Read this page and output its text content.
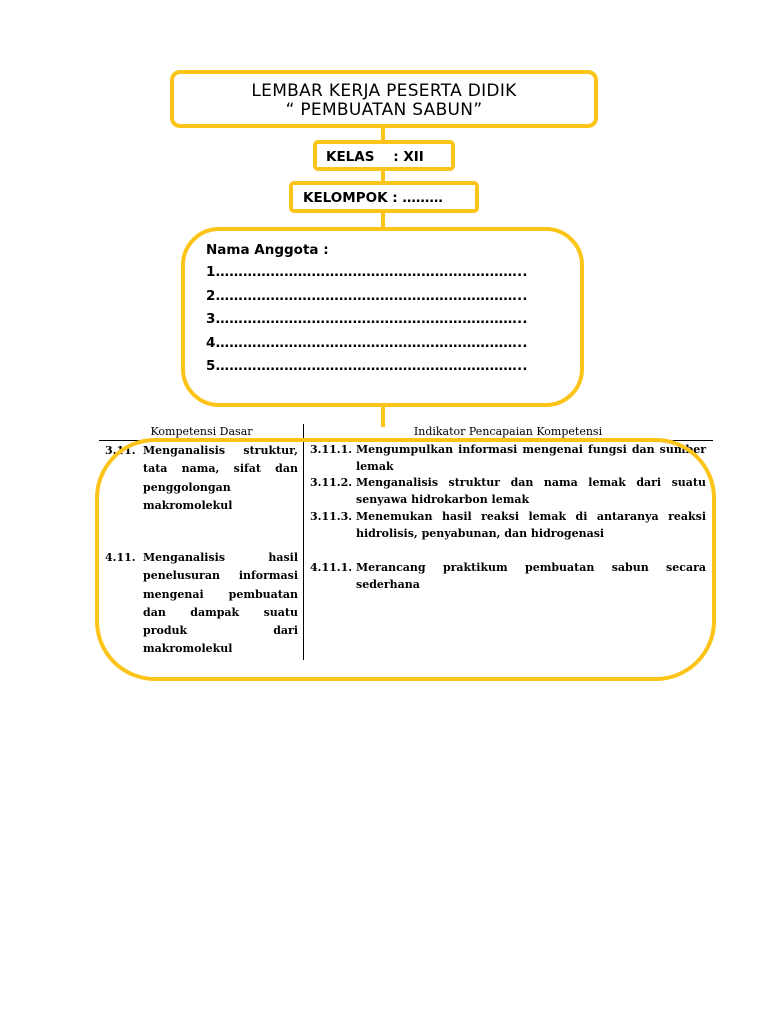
LEMBAR KERJA PESERTA DIDIK
“ PEMBUATAN SABUN”
KELAS    : XII
KELOMPOK : ………
Nama Anggota :
1…………………………………………………………..
2…………………………………………………………..
3…………………………………………………………..
4…………………………………………………………..
5…………………………………………………………..
Kompetensi Dasar	Indikator Pencapaian Kompetensi
3.11. Menganalisis struktur, tata nama, sifat dan penggolongan makromolekul
4.11. Menganalisis hasil penelusuran informasi mengenai pembuatan dan dampak suatu produk dari makromolekul
3.11.1. Mengumpulkan informasi mengenai fungsi dan sumber lemak
3.11.2. Menganalisis struktur dan nama lemak dari suatu senyawa hidrokarbon lemak
3.11.3. Menemukan hasil reaksi lemak di antaranya reaksi hidrolisis, penyabunan, dan hidrogenasi
4.11.1. Merancang praktikum pembuatan sabun secara sederhana
